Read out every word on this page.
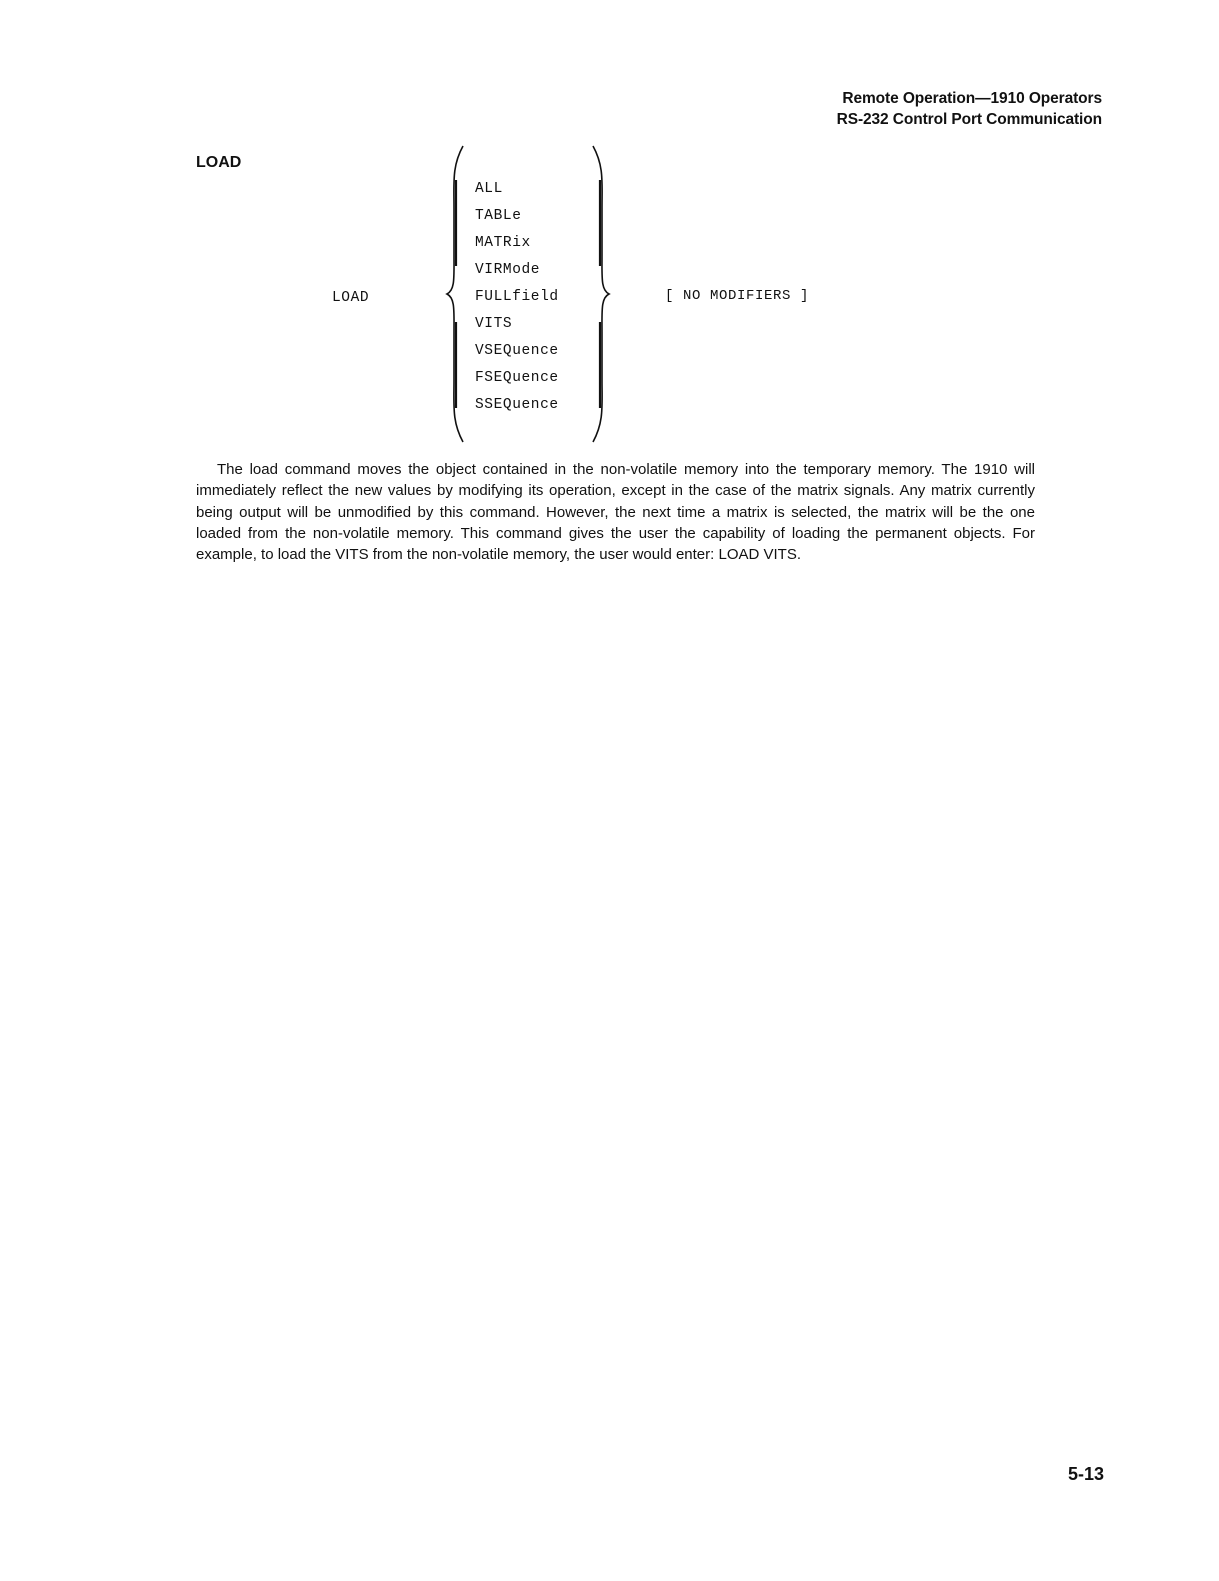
Remote Operation—1910 Operators
RS-232 Control Port Communication
LOAD
LOAD
ALL
TABLe
MATRix
VIRMode
FULLfield
VITS
VSEQuence
FSEQuence
SSEQuence
[ NO MODIFIERS ]

The load command moves the object contained in the non-volatile memory into the temporary memory. The 1910 will immediately reflect the new values by modifying its operation, except in the case of the matrix signals. Any matrix currently being output will be unmodified by this command. However, the next time a matrix is selected, the matrix will be the one loaded from the non-volatile memory. This command gives the user the capability of loading the permanent objects. For example, to load the VITS from the non-volatile memory, the user would enter: LOAD VITS.

5-13
